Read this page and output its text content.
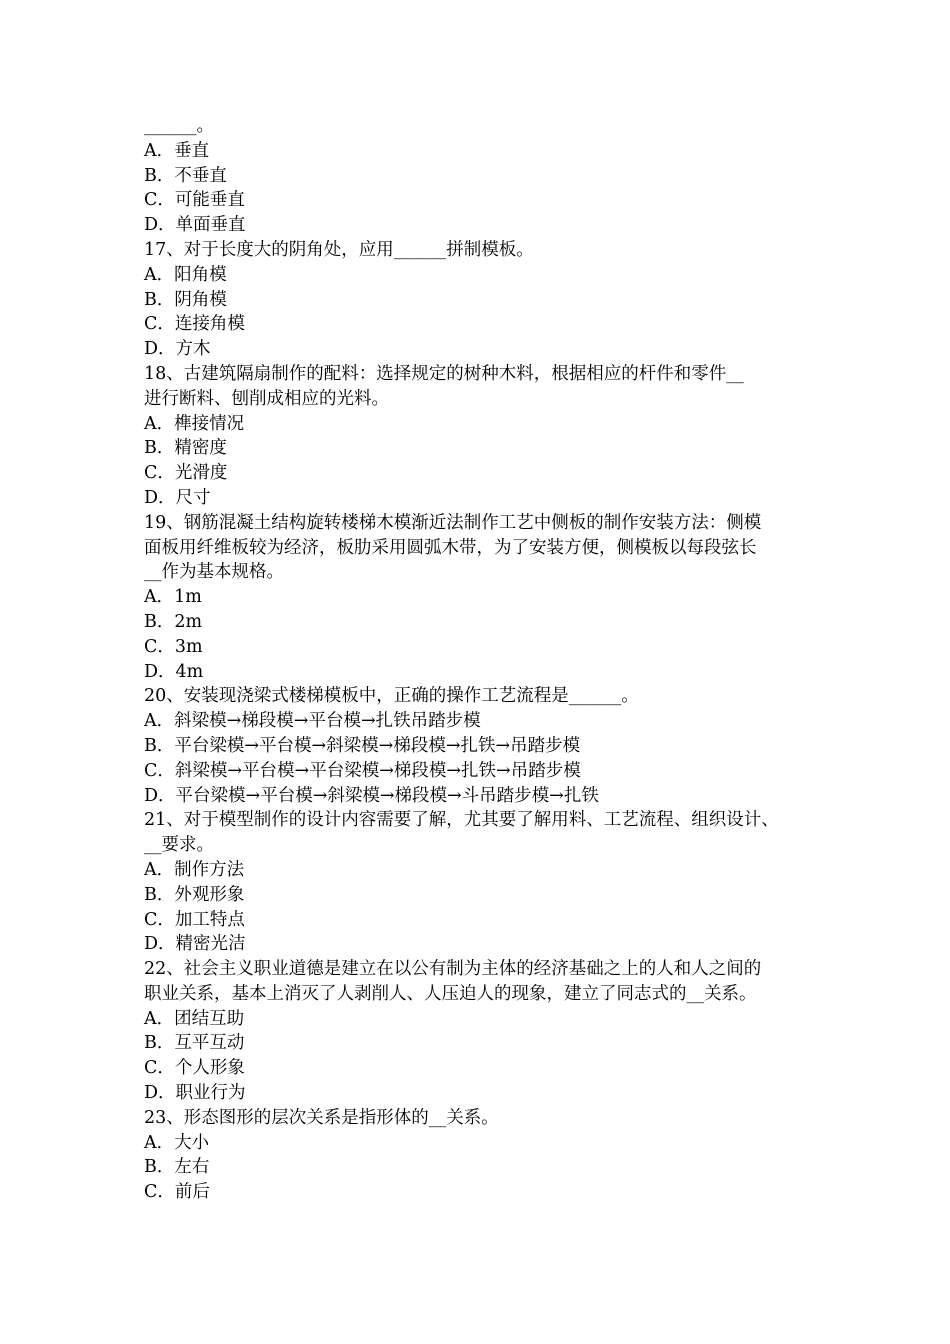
______。
A．垂直
B．不垂直
C．可能垂直
D．单面垂直
17、对于长度大的阴角处，应用______拼制模板。
A．阳角模
B．阴角模
C．连接角模
D．方木
18、古建筑隔扇制作的配料：选择规定的树种木料，根据相应的杆件和零件__
进行断料、刨削成相应的光料。
A．榫接情况
B．精密度
C．光滑度
D．尺寸
19、钢筋混凝土结构旋转楼梯木模渐近法制作工艺中侧板的制作安装方法：侧模
面板用纤维板较为经济，板肋采用圆弧木带，为了安装方便，侧模板以每段弦长
__作为基本规格。
A．1m
B．2m
C．3m
D．4m
20、安装现浇梁式楼梯模板中，正确的操作工艺流程是______。
A．斜梁模→梯段模→平台模→扎铁吊踏步模
B．平台梁模→平台模→斜梁模→梯段模→扎铁→吊踏步模
C．斜梁模→平台模→平台梁模→梯段模→扎铁→吊踏步模
D．平台梁模→平台模→斜梁模→梯段模→斗吊踏步模→扎铁
21、对于模型制作的设计内容需要了解，尤其要了解用料、工艺流程、组织设计、
__要求。
A．制作方法
B．外观形象
C．加工特点
D．精密光洁
22、社会主义职业道德是建立在以公有制为主体的经济基础之上的人和人之间的
职业关系，基本上消灭了人剥削人、人压迫人的现象，建立了同志式的__关系。
A．团结互助
B．互平互动
C．个人形象
D．职业行为
23、形态图形的层次关系是指形体的__关系。
A．大小
B．左右
C．前后
